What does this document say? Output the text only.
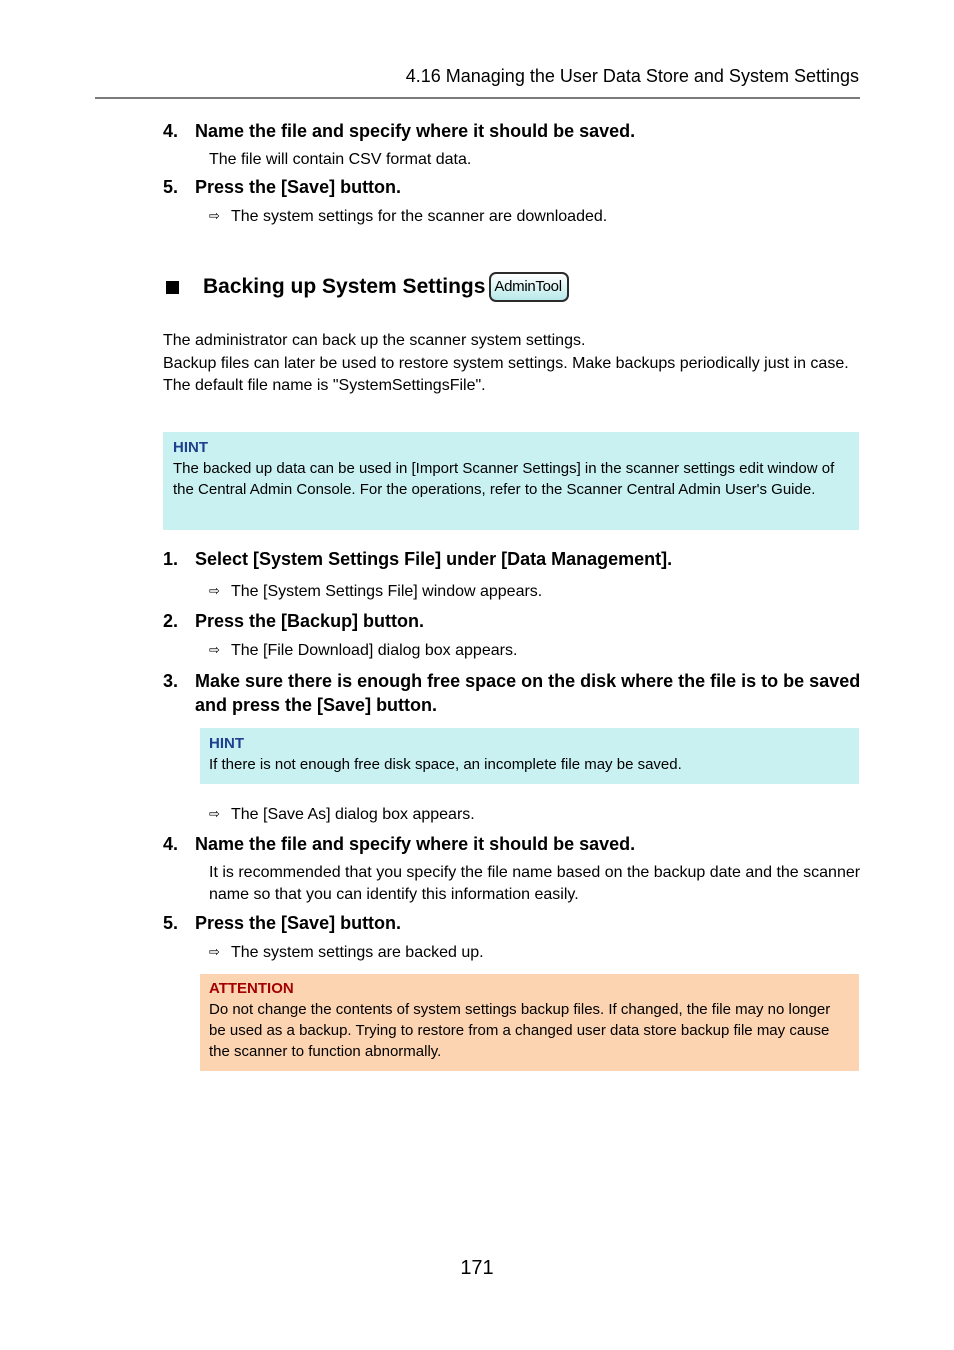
4.16 Managing the User Data Store and System Settings
4. Name the file and specify where it should be saved.
The file will contain CSV format data.
5. Press the [Save] button.
⇨ The system settings for the scanner are downloaded.
Backing up System Settings AdminTool

The administrator can back up the scanner system settings.

Backup files can later be used to restore system settings. Make backups periodically just in case.

The default file name is "SystemSettingsFile".

HINT
The backed up data can be used in [Import Scanner Settings] in the scanner settings edit window of the Central Admin Console. For the operations, refer to the Scanner Central Admin User's Guide.
1. Select [System Settings File] under [Data Management].
⇨ The [System Settings File] window appears.
2. Press the [Backup] button.
⇨ The [File Download] dialog box appears.
3. Make sure there is enough free space on the disk where the file is to be saved and press the [Save] button.
HINT
If there is not enough free disk space, an incomplete file may be saved.
⇨ The [Save As] dialog box appears.
4. Name the file and specify where it should be saved.
It is recommended that you specify the file name based on the backup date and the scanner name so that you can identify this information easily.
5. Press the [Save] button.
⇨ The system settings are backed up.
ATTENTION
Do not change the contents of system settings backup files. If changed, the file may no longer be used as a backup. Trying to restore from a changed user data store backup file may cause the scanner to function abnormally.
171
